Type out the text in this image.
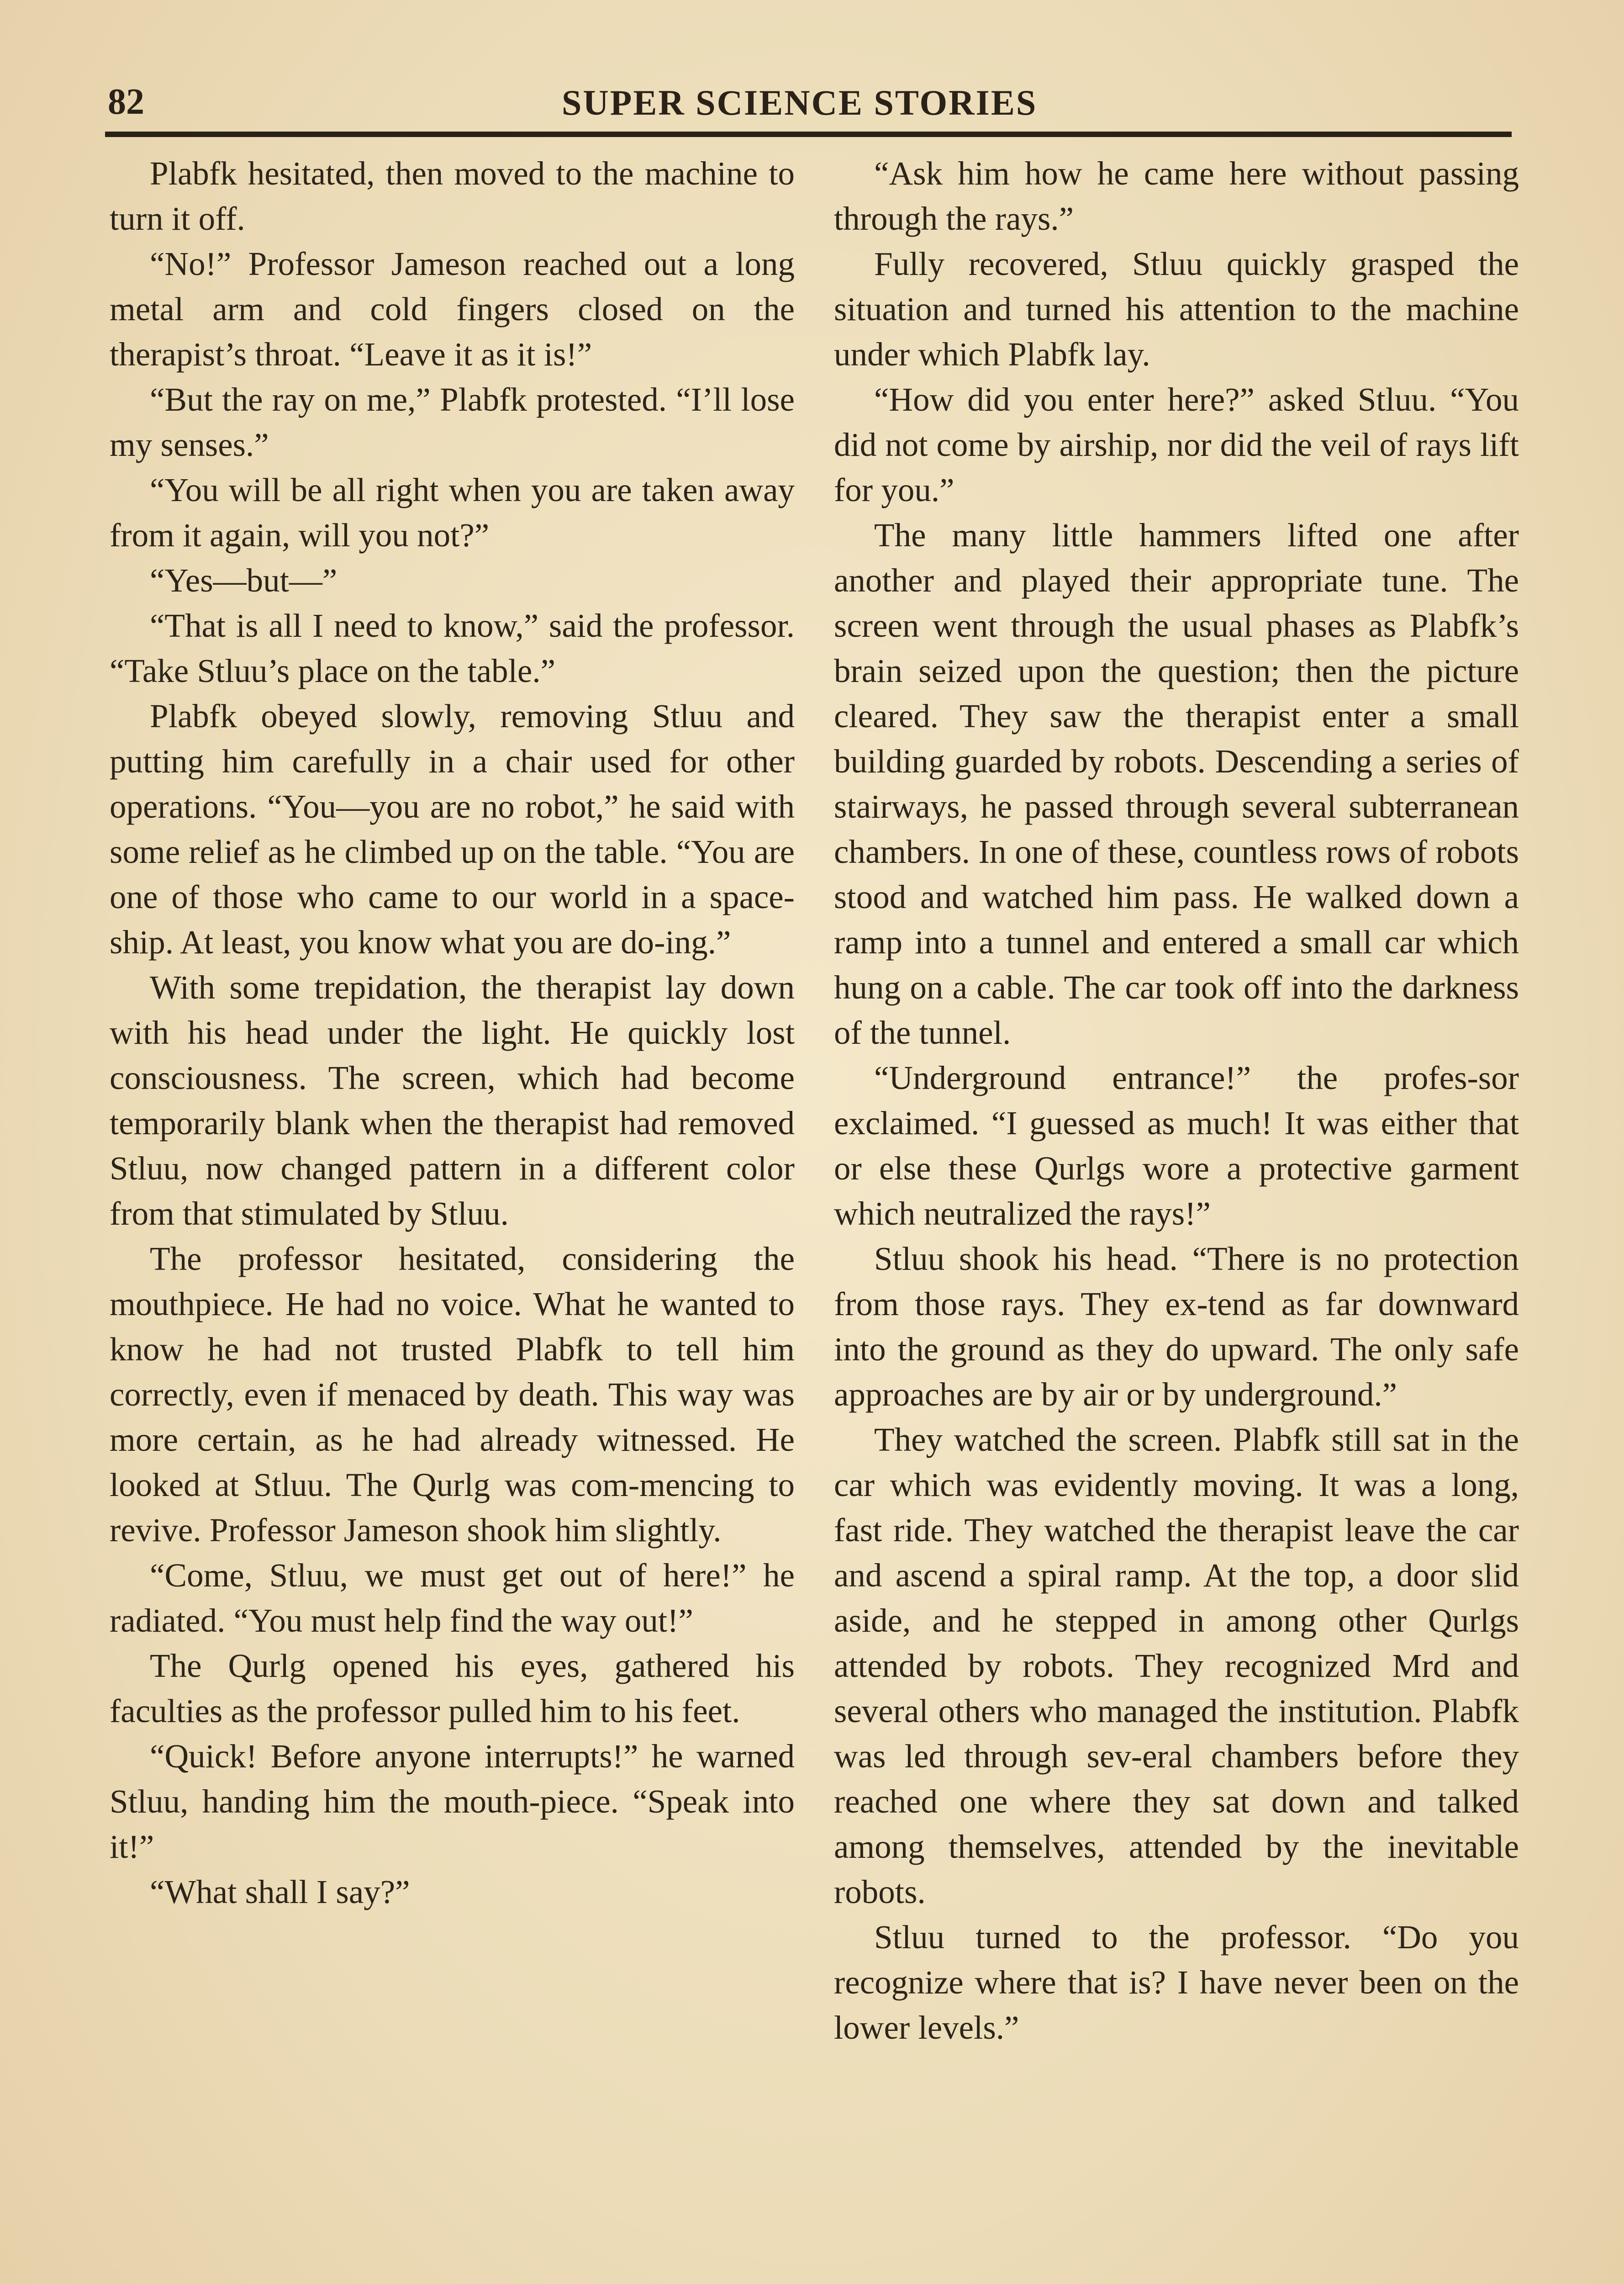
82	SUPER SCIENCE STORIES

Plabfk hesitated, then moved to the machine to turn it off.

“No!” Professor Jameson reached out a long metal arm and cold fingers closed on the therapist’s throat. “Leave it as it is!”

“But the ray on me,” Plabfk protested. “I’ll lose my senses.”

“You will be all right when you are taken away from it again, will you not?”

“Yes—but—”

“That is all I need to know,” said the professor. “Take Stluu’s place on the table.”

Plabfk obeyed slowly, removing Stluu and putting him carefully in a chair used for other operations. “You—you are no robot,” he said with some relief as he climbed up on the table. “You are one of those who came to our world in a space-ship. At least, you know what you are do-ing.”

With some trepidation, the therapist lay down with his head under the light. He quickly lost consciousness. The screen, which had become temporarily blank when the therapist had removed Stluu, now changed pattern in a different color from that stimulated by Stluu.

The professor hesitated, considering the mouthpiece. He had no voice. What he wanted to know he had not trusted Plabfk to tell him correctly, even if menaced by death. This way was more certain, as he had already witnessed. He looked at Stluu. The Qurlg was com-mencing to revive. Professor Jameson shook him slightly.

“Come, Stluu, we must get out of here!” he radiated. “You must help find the way out!”

The Qurlg opened his eyes, gathered his faculties as the professor pulled him to his feet.

“Quick! Before anyone interrupts!” he warned Stluu, handing him the mouth-piece. “Speak into it!”

“What shall I say?”

“Ask him how he came here without passing through the rays.”

Fully recovered, Stluu quickly grasped the situation and turned his attention to the machine under which Plabfk lay.

“How did you enter here?” asked Stluu. “You did not come by airship, nor did the veil of rays lift for you.”

The many little hammers lifted one after another and played their appropriate tune. The screen went through the usual phases as Plabfk’s brain seized upon the question; then the picture cleared. They saw the therapist enter a small building guarded by robots. Descending a series of stairways, he passed through several subterranean chambers. In one of these, countless rows of robots stood and watched him pass. He walked down a ramp into a tunnel and entered a small car which hung on a cable. The car took off into the darkness of the tunnel.

“Underground entrance!” the profes-sor exclaimed. “I guessed as much! It was either that or else these Qurlgs wore a protective garment which neutralized the rays!”

Stluu shook his head. “There is no protection from those rays. They ex-tend as far downward into the ground as they do upward. The only safe approaches are by air or by underground.”

They watched the screen. Plabfk still sat in the car which was evidently moving. It was a long, fast ride. They watched the therapist leave the car and ascend a spiral ramp. At the top, a door slid aside, and he stepped in among other Qurlgs attended by robots. They recognized Mrd and several others who managed the institution. Plabfk was led through sev-eral chambers before they reached one where they sat down and talked among themselves, attended by the inevitable robots.

Stluu turned to the professor. “Do you recognize where that is? I have never been on the lower levels.”
